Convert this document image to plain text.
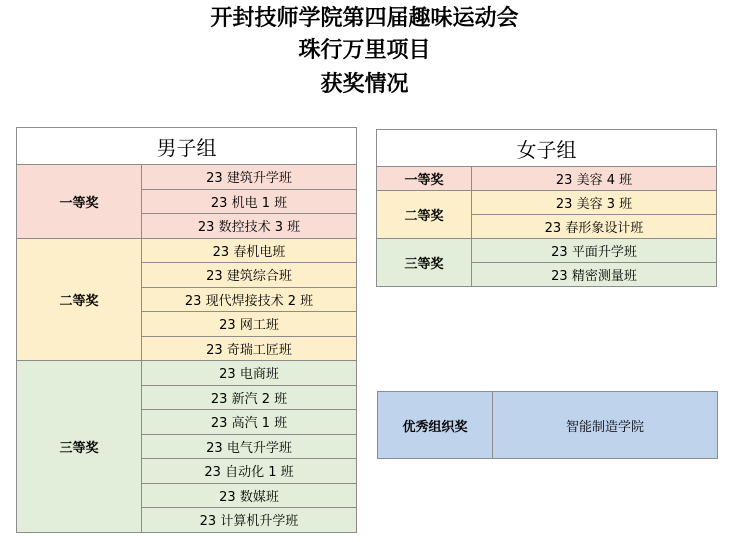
开封技师学院第四届趣味运动会
珠行万里项目
获奖情况
男子组	
一等奖	23 建筑升学班
	23 机电 1 班
	23 数控技术 3 班
二等奖	23 春机电班
	23 建筑综合班
	23 现代焊接技术 2 班
	23 网工班
	23 奇瑞工匠班
三等奖	23 电商班
	23 新汽 2 班
	23 高汽 1 班
	23 电气升学班
	23 自动化 1 班
	23 数媒班
	23 计算机升学班
女子组	
一等奖	23 美容 4 班
二等奖	23 美容 3 班
	23 春形象设计班
三等奖	23 平面升学班
	23 精密测量班
优秀组织奖	智能制造学院
